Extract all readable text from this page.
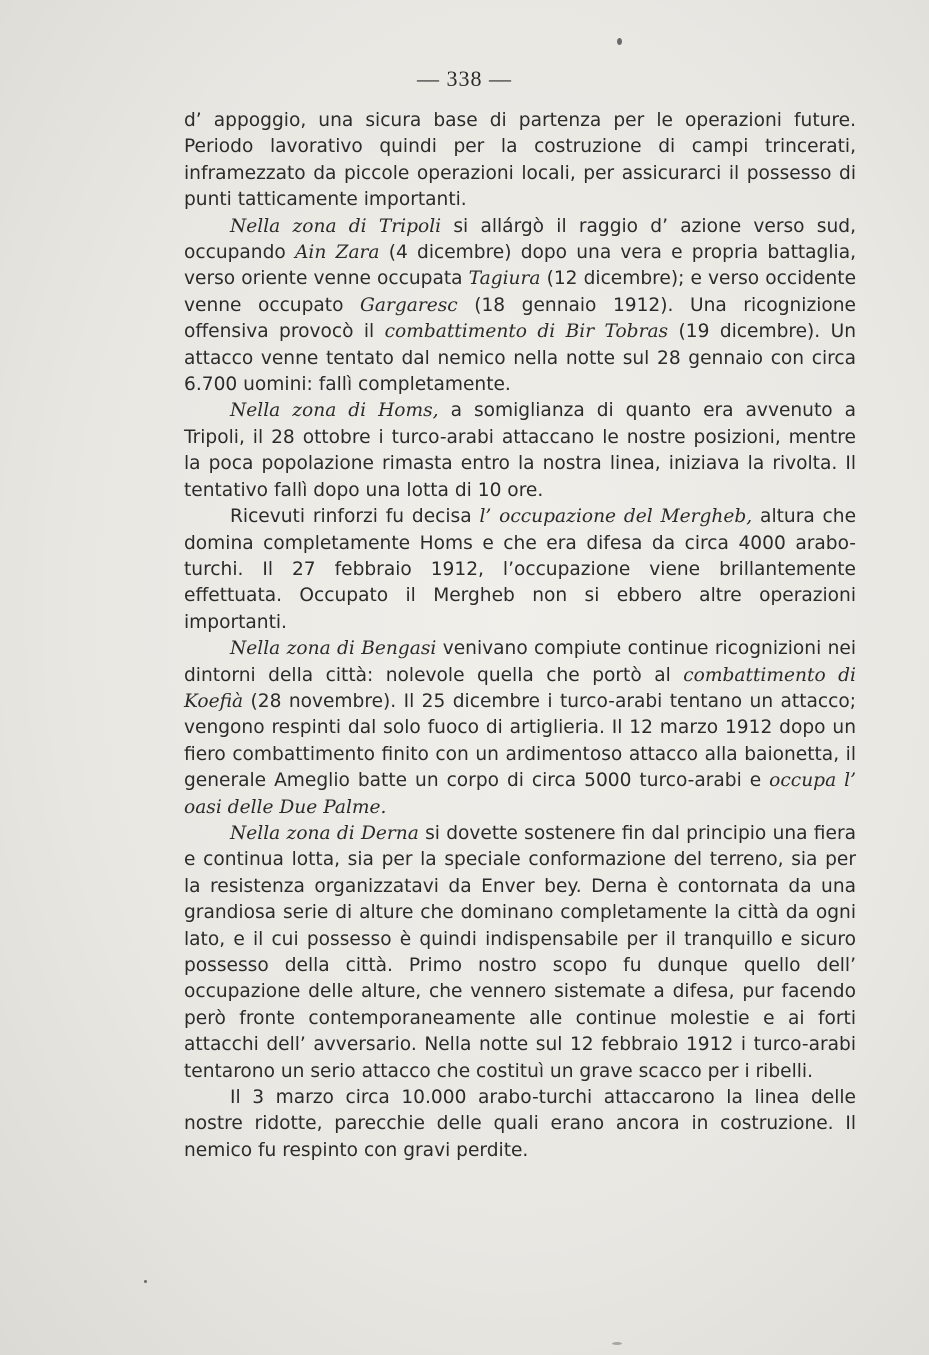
— 338 —

d’ appoggio, una sicura base di partenza per le operazioni future. Periodo lavorativo quindi per la costruzione di campi trincerati, inframezzato da piccole operazioni locali, per assicurarci il possesso di punti tatticamente importanti.

Nella zona di Tripoli si allárgò il raggio d’ azione verso sud, occupando Ain Zara (4 dicembre) dopo una vera e propria battaglia, verso oriente venne occupata Tagiura (12 dicembre); e verso occidente venne occupato Gargaresc (18 gennaio 1912). Una ricognizione offensiva provocò il combattimento di Bir Tobras (19 dicembre). Un attacco venne tentato dal nemico nella notte sul 28 gennaio con circa 6.700 uomini: fallì completamente.

Nella zona di Homs, a somiglianza di quanto era avvenuto a Tripoli, il 28 ottobre i turco-arabi attaccano le nostre posizioni, mentre la poca popolazione rimasta entro la nostra linea, iniziava la rivolta. Il tentativo fallì dopo una lotta di 10 ore.

Ricevuti rinforzi fu decisa l’ occupazione del Mergheb, altura che domina completamente Homs e che era difesa da circa 4000 arabo-turchi. Il 27 febbraio 1912, l’occupazione viene brillantemente effettuata. Occupato il Mergheb non si ebbero altre operazioni importanti.

Nella zona di Bengasi venivano compiute continue ricognizioni nei dintorni della città: nolevole quella che portò al combattimento di Koefià (28 novembre). Il 25 dicembre i turco-arabi tentano un attacco; vengono respinti dal solo fuoco di artiglieria. Il 12 marzo 1912 dopo un fiero combattimento finito con un ardimentoso attacco alla baionetta, il generale Ameglio batte un corpo di circa 5000 turco-arabi e occupa l’ oasi delle Due Palme.

Nella zona di Derna si dovette sostenere fin dal principio una fiera e continua lotta, sia per la speciale conformazione del terreno, sia per la resistenza organizzatavi da Enver bey. Derna è contornata da una grandiosa serie di alture che dominano completamente la città da ogni lato, e il cui possesso è quindi indispensabile per il tranquillo e sicuro possesso della città. Primo nostro scopo fu dunque quello dell’ occupazione delle alture, che vennero sistemate a difesa, pur facendo però fronte contemporaneamente alle continue molestie e ai forti attacchi dell’ avversario. Nella notte sul 12 febbraio 1912 i turco-arabi tentarono un serio attacco che costituì un grave scacco per i ribelli.

Il 3 marzo circa 10.000 arabo-turchi attaccarono la linea delle nostre ridotte, parecchie delle quali erano ancora in costruzione. Il nemico fu respinto con gravi perdite.
